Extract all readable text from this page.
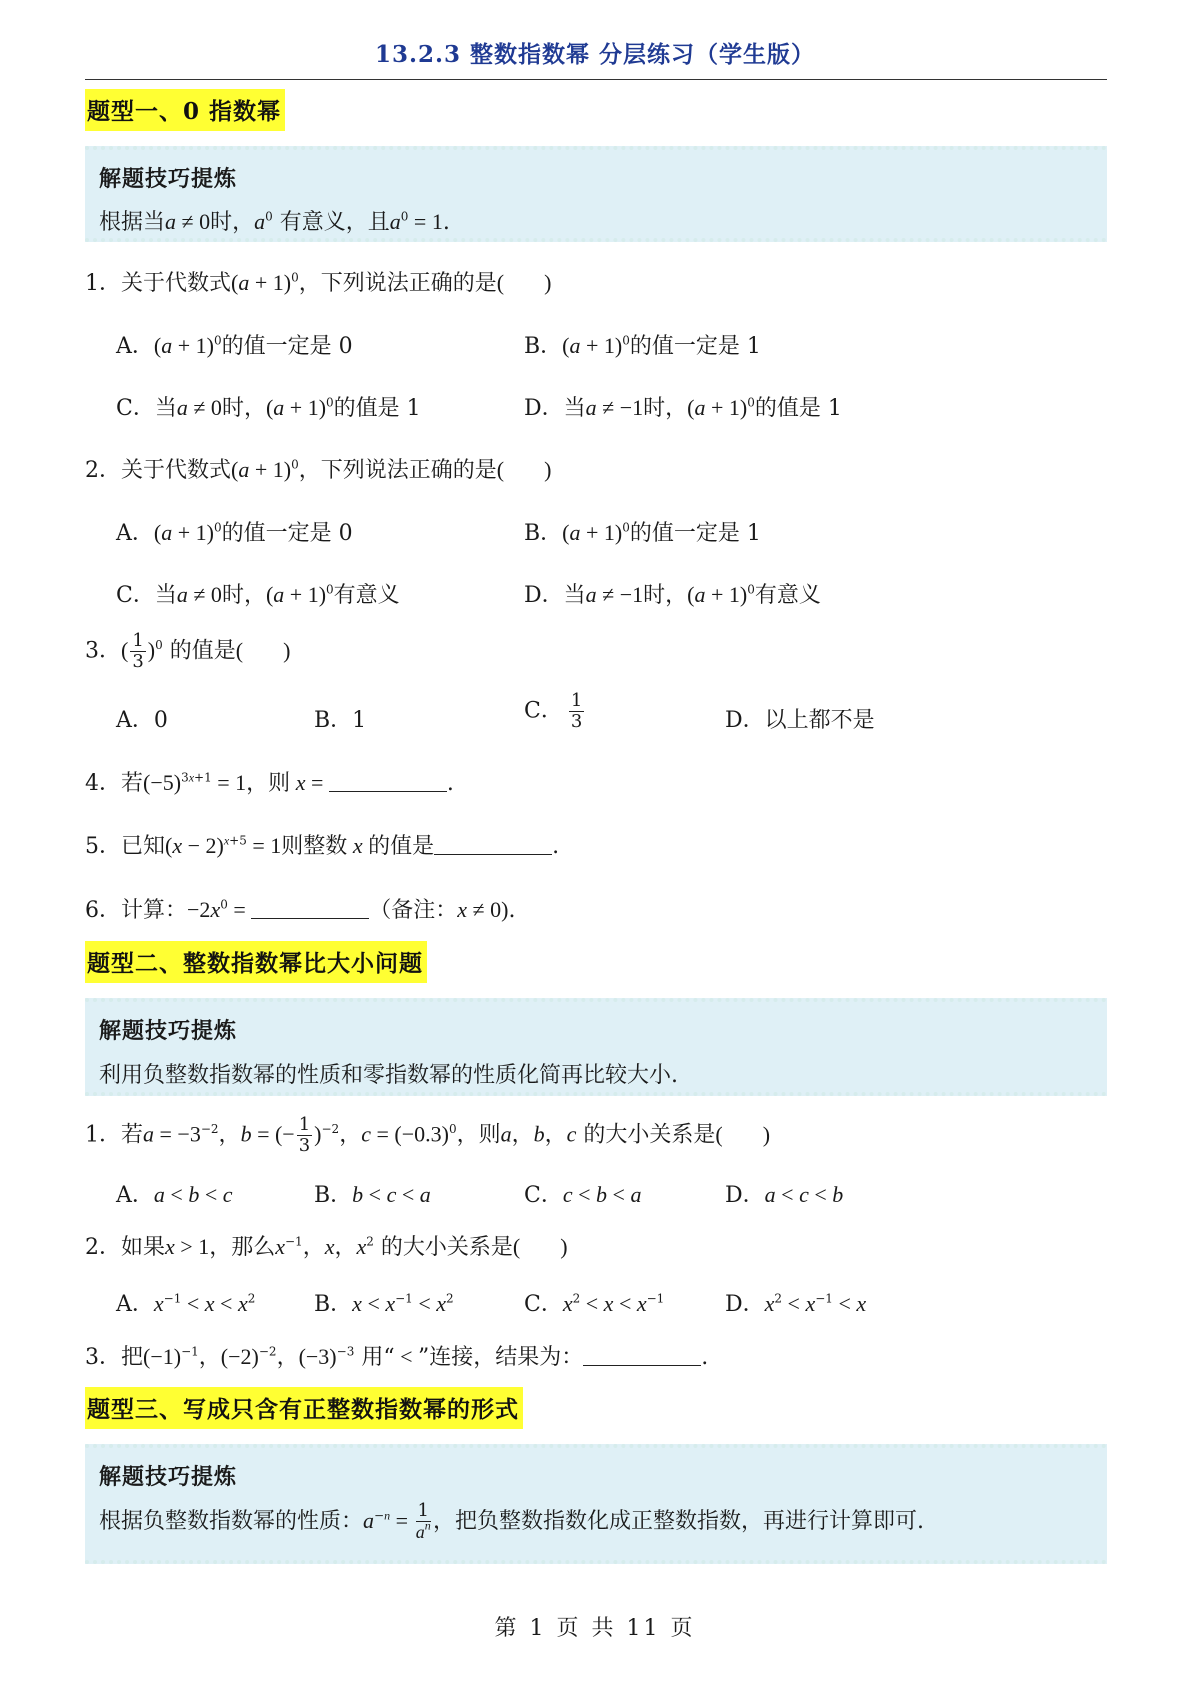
13.2.3 整数指数幂 分层练习（学生版）
题型一、0 指数幂
解题技巧提炼
根据当a ≠ 0时，$a^0$ 有意义，且$a^0 = 1$.
1．关于代数式$(a + 1)^0$，下列说法正确的是( )
A．$(a + 1)^0$的值一定是 0	B．$(a + 1)^0$的值一定是 1
C．当a ≠ 0时，$(a + 1)^0$的值是 1	D．当a ≠ −1时，$(a + 1)^0$的值是 1
2．关于代数式$(a + 1)^0$，下列说法正确的是( )
A．$(a + 1)^0$的值一定是 0	B．$(a + 1)^0$的值一定是 1
C．当a ≠ 0时，$(a + 1)^0$有意义	D．当a ≠ −1时，$(a + 1)^0$有意义
3．( $\frac{1}{3} )^0$ 的值是( )
A．0	B．1	C． $\frac{1}{3}$	D．以上都不是
4．若$(-5)^{3x+1} = 1$，则 x =	.
5．已知$(x - 2)^{x+5} = 1$则整数 x 的值是	.
6．计算：$-2x^0$ =	（备注：x ≠ 0).
题型二、整数指数幂比大小问题
解题技巧提炼
利用负整数指数幂的性质和零指数幂的性质化简再比较大小.
1．若$a = -3^{-2}$，b = (− $\frac{1}{3} )^{-2}$，$c = (-0.3)^0$，则a，b，c 的大小关系是( )
A．a < b < c	B．b < c < a	C．c < b < a	D．a < c < b
2．如果x > 1，那么$x^{-1}$，x，$x^2$ 的大小关系是( )
A．$x^{-1} < x < x^2$	B．$x < x^{-1} < x^2$	C．$x^2 < x < x^{-1}$	D．$x^2 < x^{-1} < x$
3．把$(-1)^{-1}$，$(-2)^{-2}$，$(-3)^{-3}$ 用“ < ”连接，结果为：	.
题型三、写成只含有正整数指数幂的形式
解题技巧提炼
根据负整数指数幂的性质：$a^{-n} = \frac{1}{a^n}$ ，把负整数指数化成正整数指数，再进行计算即可.
第 1 页 共 11 页
